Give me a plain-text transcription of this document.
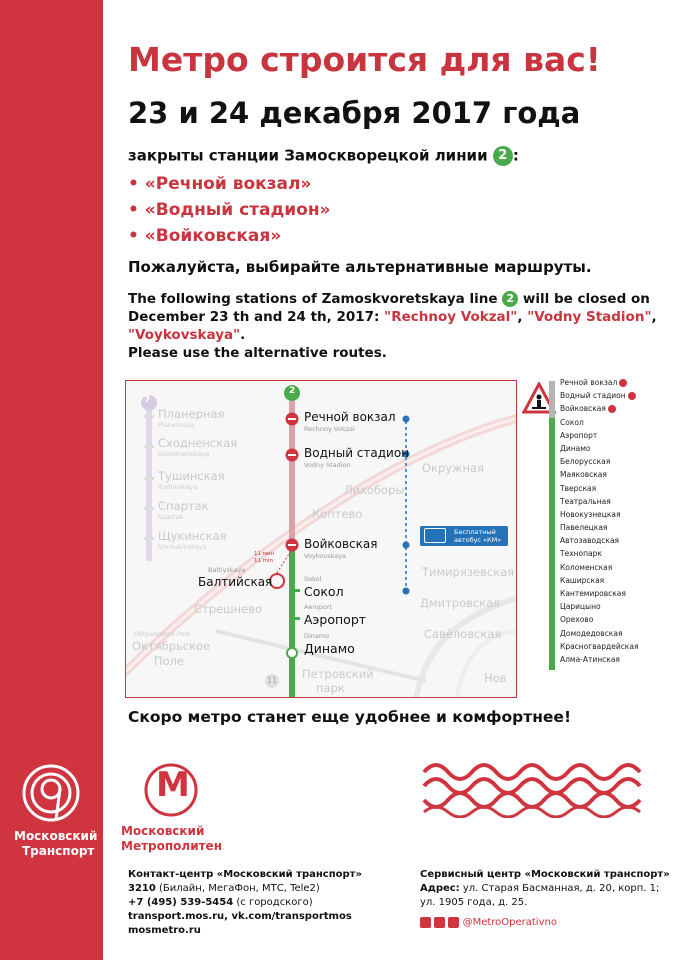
Метро строится для вас!
23 и 24 декабря 2017 года
закрыты станции Замоскворецкой линии 2 :
• «Речной вокзал»
• «Водный стадион»
• «Войковская»
Пожалуйста, выбирайте альтернативные маршруты.

The following stations of Zamoskvoretskaya line 2 will be closed on

December 23 th and 24 th, 2017: "Rechnoy Vokzal", "Vodny Stadion",

"Voykovskaya".

Please use the alternative routes.

7
2
11
Планерная
Сходненская
Тушинская
Спартак
Щукинская
Planernaya
Skhodnenskaya
Tushinskaya
Spartak
Shchukinskaya
Речной вокзал
Rechnoy Vokzal
Водный стадион
Vodny Stadion
Войковская
Voykovskaya
Sokol
Сокол
Aeroport
Аэропорт
Dinamo
Динамо
Baltiyskaya
Балтийская
11 мин
11 min
Окружная
Лихоборы
Коптево
Стрешнево
Oktyabrskoe Pole
Октябрьское
Поле
Тимирязевская
Дмитровская
Савёловская
Петровский
парк
Нов
Бесплатный
автобус «КМ»
Речной вокзал
Водный стадион
Войковская
Сокол
Аэропорт
Динамо
Белорусская
Маяковская
Тверская
Театральная
Новокузнецкая
Павелецкая
Автозаводская
Технопарк
Коломенская
Каширская
Кантемировская
Царицыно
Орехово
Домодедовская
Красногвардейская
Алма-Атинская
Скоро метро станет еще удобнее и комфортнее!
Московский
Транспорт
М
Московский
Метрополитен
Контакт-центр «Московский транспорт»
3210 (Билайн, МегаФон, МТС, Tele2)
+7 (495) 539-5454 (с городского)
transport.mos.ru, vk.com/transportmos
mosmetro.ru
Сервисный центр «Московский транспорт»
Адрес: ул. Старая Басманная, д. 20, корп. 1;
ул. 1905 года, д. 25.
@MetroOperativno
